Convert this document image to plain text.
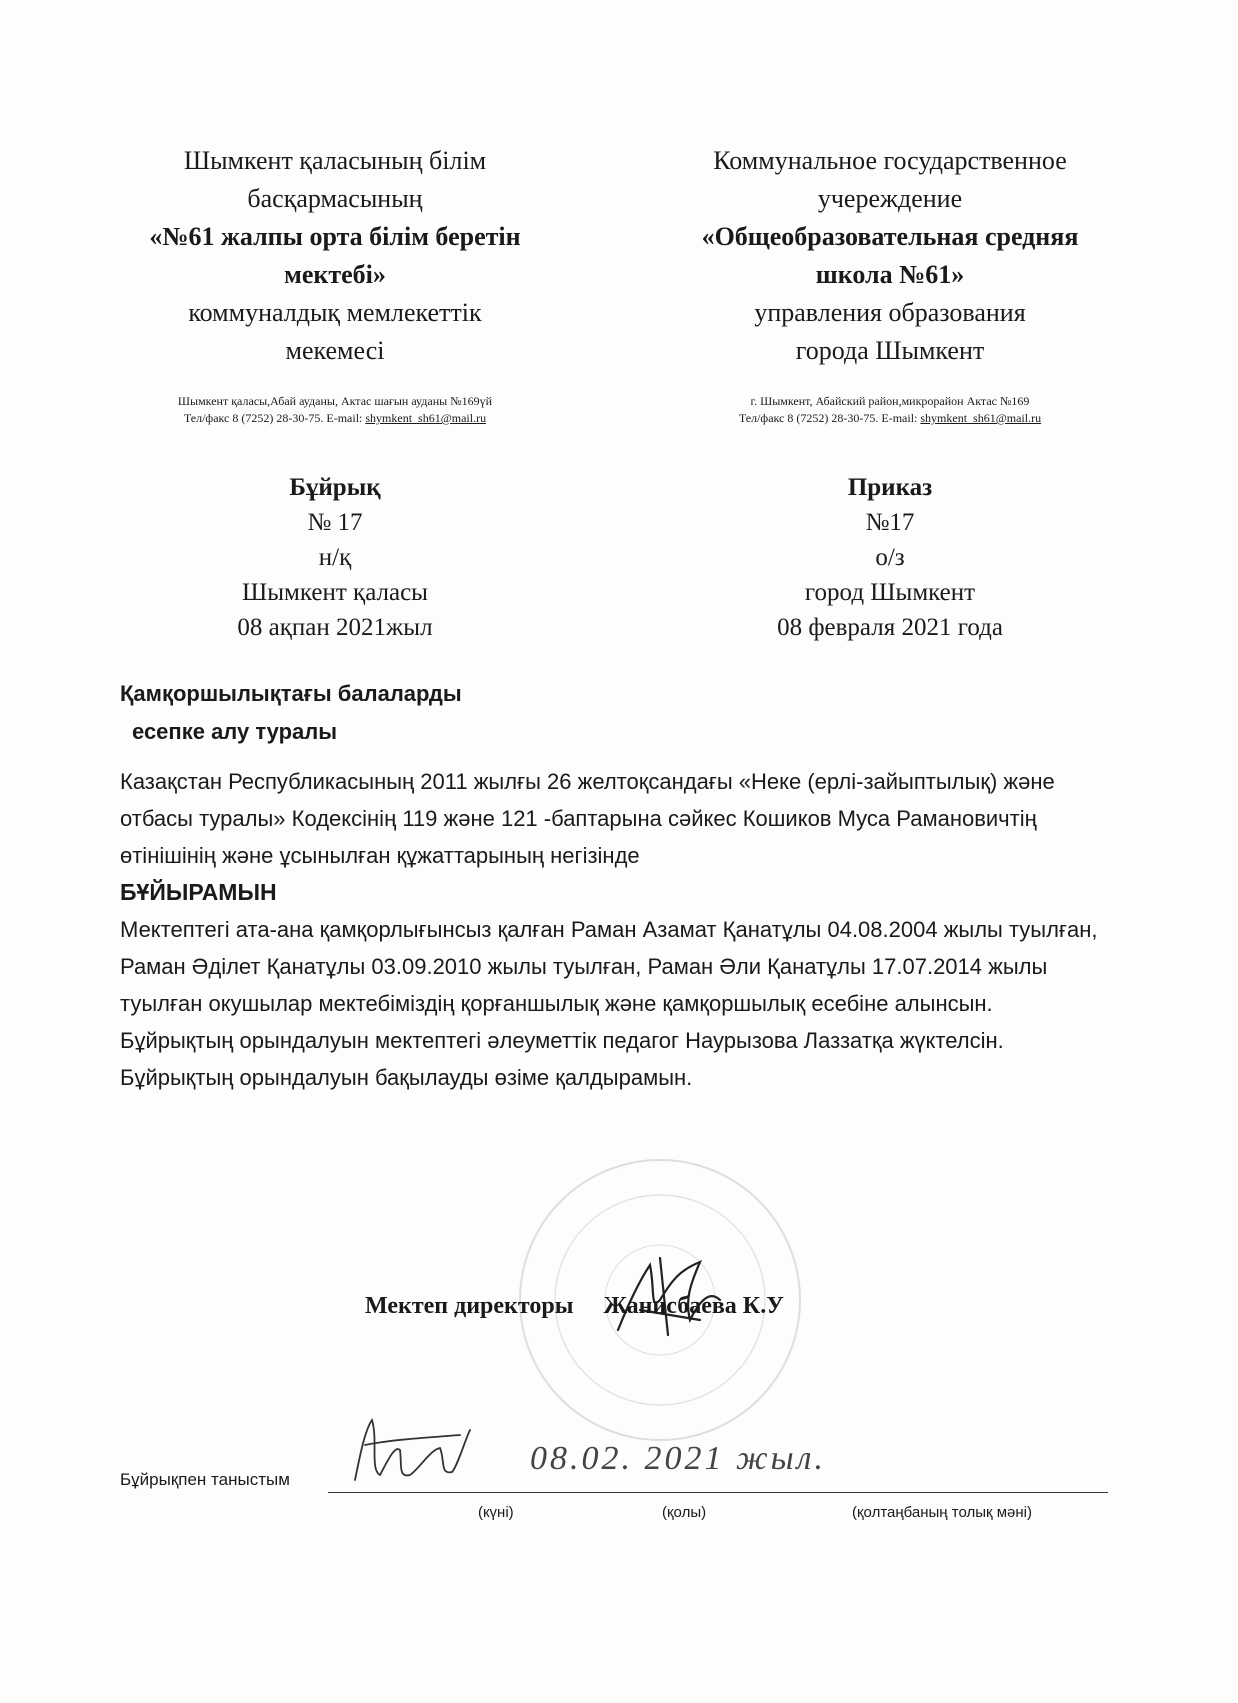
Шымкент қаласының білім
басқармасының
«№61 жалпы орта білім беретін
мектебі»
коммуналдық мемлекеттік
мекемесі
Шымкент қаласы,Абай ауданы, Актас шағын ауданы №169үй
Тел/факс 8 (7252) 28-30-75. E-mail: shymkent_sh61@mail.ru
Коммунальное государственное
учереждение
«Общеобразовательная средняя
школа №61»
управления образования
города Шымкент
г. Шымкент, Абайский район,микрорайон Актас №169
Тел/факс 8 (7252) 28-30-75. E-mail: shymkent_sh61@mail.ru
Бұйрық
№ 17
н/қ
Шымкент қаласы
08 ақпан 2021жыл
Приказ
№17
о/з
город Шымкент
08 февраля 2021 года
Қамқоршылықтағы балаларды
есепке алу туралы

Казақстан Республикасының 2011 жылғы 26 желтоқсандағы «Неке (ерлі-зайыптылық) және отбасы туралы» Кодексінің 119 және 121 -баптарына сәйкес Кошиков Муса Рамановичтің өтінішінің және ұсынылған құжаттарының негізінде

БҰЙЫРАМЫН

Мектептегі ата-ана қамқорлығынсыз қалған Раман Азамат Қанатұлы 04.08.2004 жылы туылған, Раман Әділет Қанатұлы 03.09.2010 жылы туылған, Раман Әли Қанатұлы 17.07.2014 жылы туылған окушылар мектебіміздің қорғаншылық және қамқоршылық есебіне алынсын.

Бұйрықтың орындалуын мектептегі әлеуметтік педагог Наурызова Лаззатқа жүктелсін.

Бұйрықтың орындалуын бақылауды өзіме қалдырамын.

Мектеп директоры Жанисбаева К.У
Бұйрықпен таныстым
08.02. 2021 жыл.
(күні)	(қолы)	(қолтаңбаның толық мәні)
